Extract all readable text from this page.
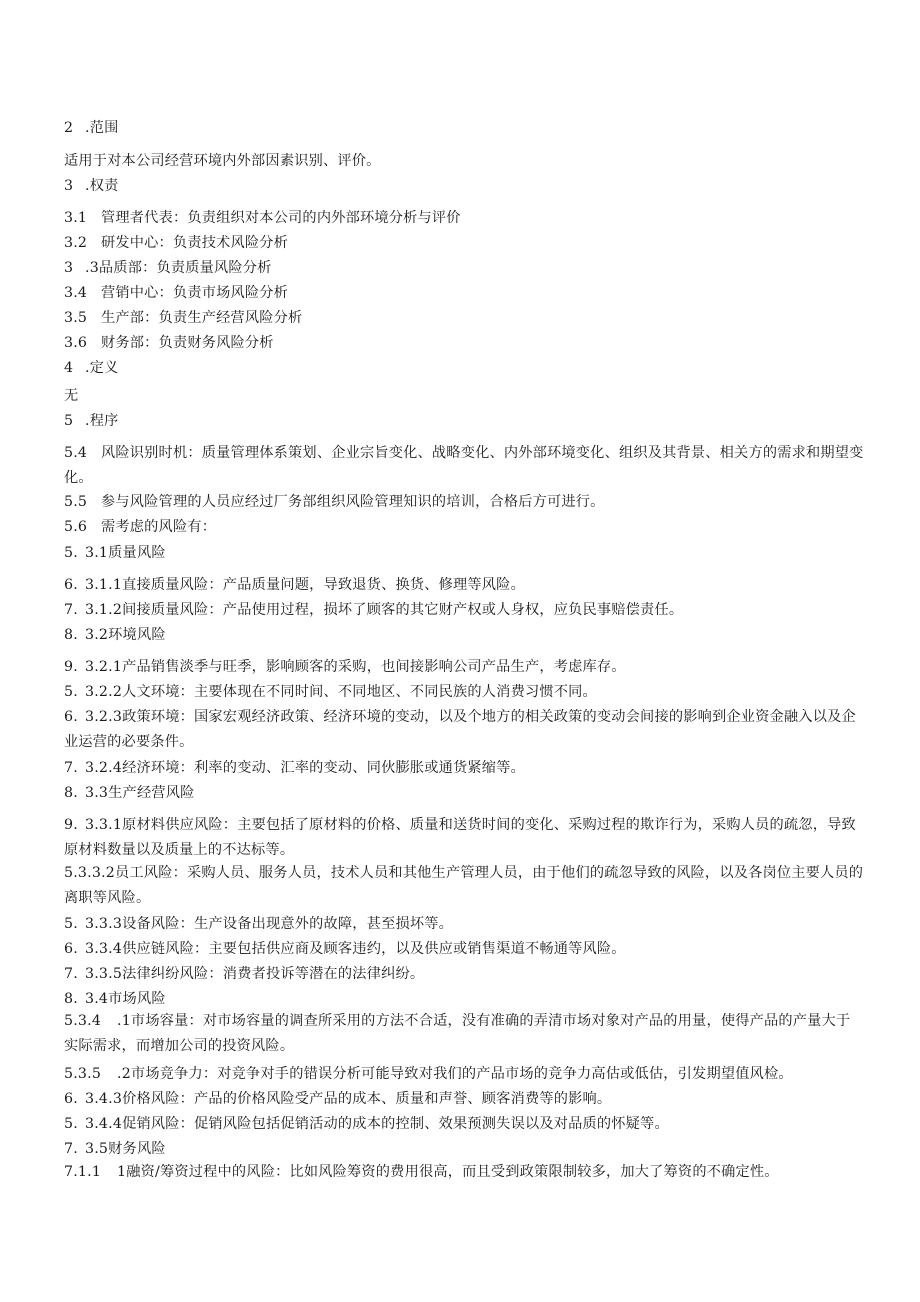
2 .范围
适用于对本公司经营环境内外部因素识别、评价。
3 .权责
3.1 管理者代表：负责组织对本公司的内外部环境分析与评价
3.2 研发中心：负责技术风险分析
3 .3品质部：负责质量风险分析
3.4 营销中心：负责市场风险分析
3.5 生产部：负责生产经营风险分析
3.6 财务部：负责财务风险分析
4 .定义
无
5 .程序
5.4 风险识别时机：质量管理体系策划、企业宗旨变化、战略变化、内外部环境变化、组织及其背景、相关方的需求和期望变化。
5.5 参与风险管理的人员应经过厂务部组织风险管理知识的培训，合格后方可进行。
5.6 需考虑的风险有：
5. 3.1质量风险
6. 3.1.1直接质量风险：产品质量问题，导致退货、换货、修理等风险。
7. 3.1.2间接质量风险：产品使用过程，损坏了顾客的其它财产权或人身权，应负民事赔偿责任。
8. 3.2环境风险
9. 3.2.1产品销售淡季与旺季，影响顾客的采购，也间接影响公司产品生产，考虑库存。
5. 3.2.2人文环境：主要体现在不同时间、不同地区、不同民族的人消费习惯不同。
6. 3.2.3政策环境：国家宏观经济政策、经济环境的变动，以及个地方的相关政策的变动会间接的影响到企业资金融入以及企业运营的必要条件。
7. 3.2.4经济环境：利率的变动、汇率的变动、同伙膨胀或通货紧缩等。
8. 3.3生产经营风险
9. 3.3.1原材料供应风险：主要包括了原材料的价格、质量和送货时间的变化、采购过程的欺诈行为，采购人员的疏忽，导致原材料数量以及质量上的不达标等。
5.3.3.2员工风险：采购人员、服务人员，技术人员和其他生产管理人员，由于他们的疏忽导致的风险，以及各岗位主要人员的离职等风险。
5. 3.3.3设备风险：生产设备出现意外的故障，甚至损坏等。
6. 3.3.4供应链风险：主要包括供应商及顾客违约，以及供应或销售渠道不畅通等风险。
7. 3.3.5法律纠纷风险：消费者投诉等潜在的法律纠纷。
8. 3.4市场风险
5.3.4 .1市场容量：对市场容量的调查所采用的方法不合适，没有准确的弄清市场对象对产品的用量，使得产品的产量大于实际需求，而增加公司的投资风险。
5.3.5 .2市场竞争力：对竞争对手的错误分析可能导致对我们的产品市场的竞争力高估或低估，引发期望值风检。
6. 3.4.3价格风险：产品的价格风险受产品的成本、质量和声誉、顾客消费等的影响。
5. 3.4.4促销风险：促销风险包括促销活动的成本的控制、效果预测失误以及对品质的怀疑等。
7. 3.5财务风险
7.1.1 1融资/筹资过程中的风险：比如风险筹资的费用很高，而且受到政策限制较多，加大了筹资的不确定性。
